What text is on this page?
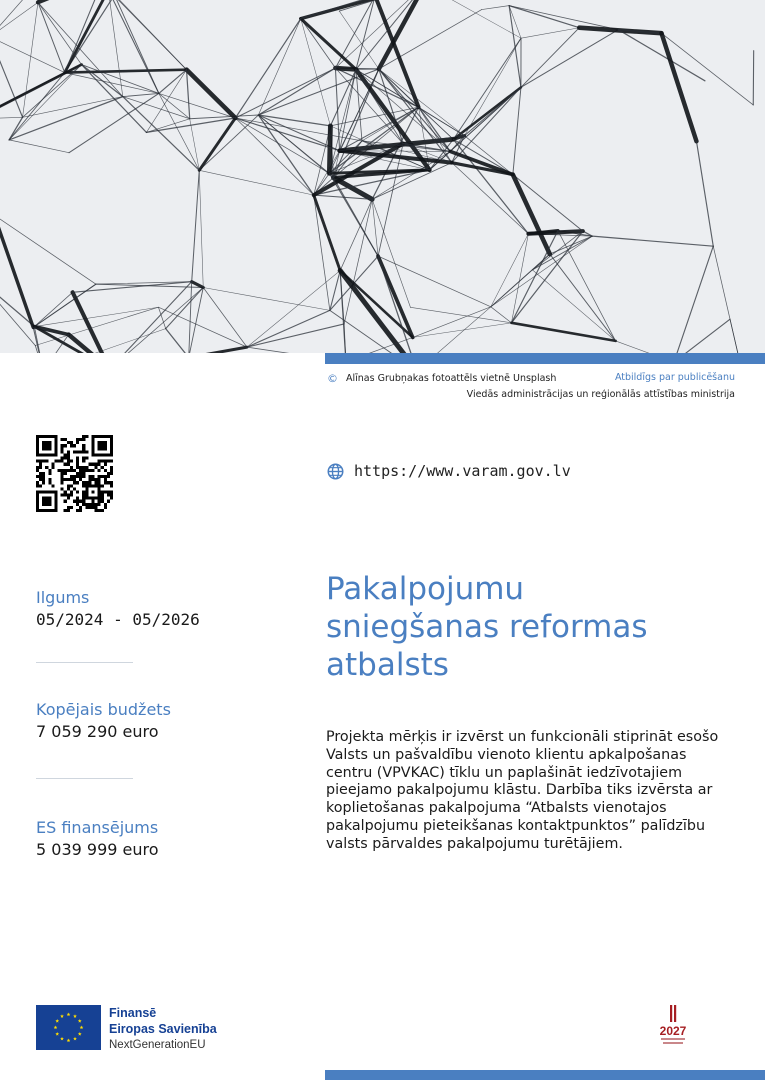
© Alīnas Grubņakas fotoattēls vietnē Unsplash	Atbildīgs par publicēšanu
Viedās administrācijas un reģionālās attīstības ministrija
https://www.varam.gov.lv
Ilgums
05/2024 - 05/2026
Kopējais budžets
7 059 290 euro
ES finansējums
5 039 999 euro
Pakalpojumu
sniegšanas reformas
atbalsts
Projekta mērķis ir izvērst un funkcionāli stiprināt esošo Valsts un pašvaldību vienoto klientu apkalpošanas centru (VPVKAC) tīklu un paplašināt iedzīvotajiem pieejamo pakalpojumu klāstu. Darbība tiks izvērsta ar koplietošanas pakalpojuma “Atbalsts vienotajos pakalpojumu pieteikšanas kontaktpunktos” palīdzību valsts pārvaldes pakalpojumu turētājiem.
Finansē
Eiropas Savienība
NextGenerationEU
2027
